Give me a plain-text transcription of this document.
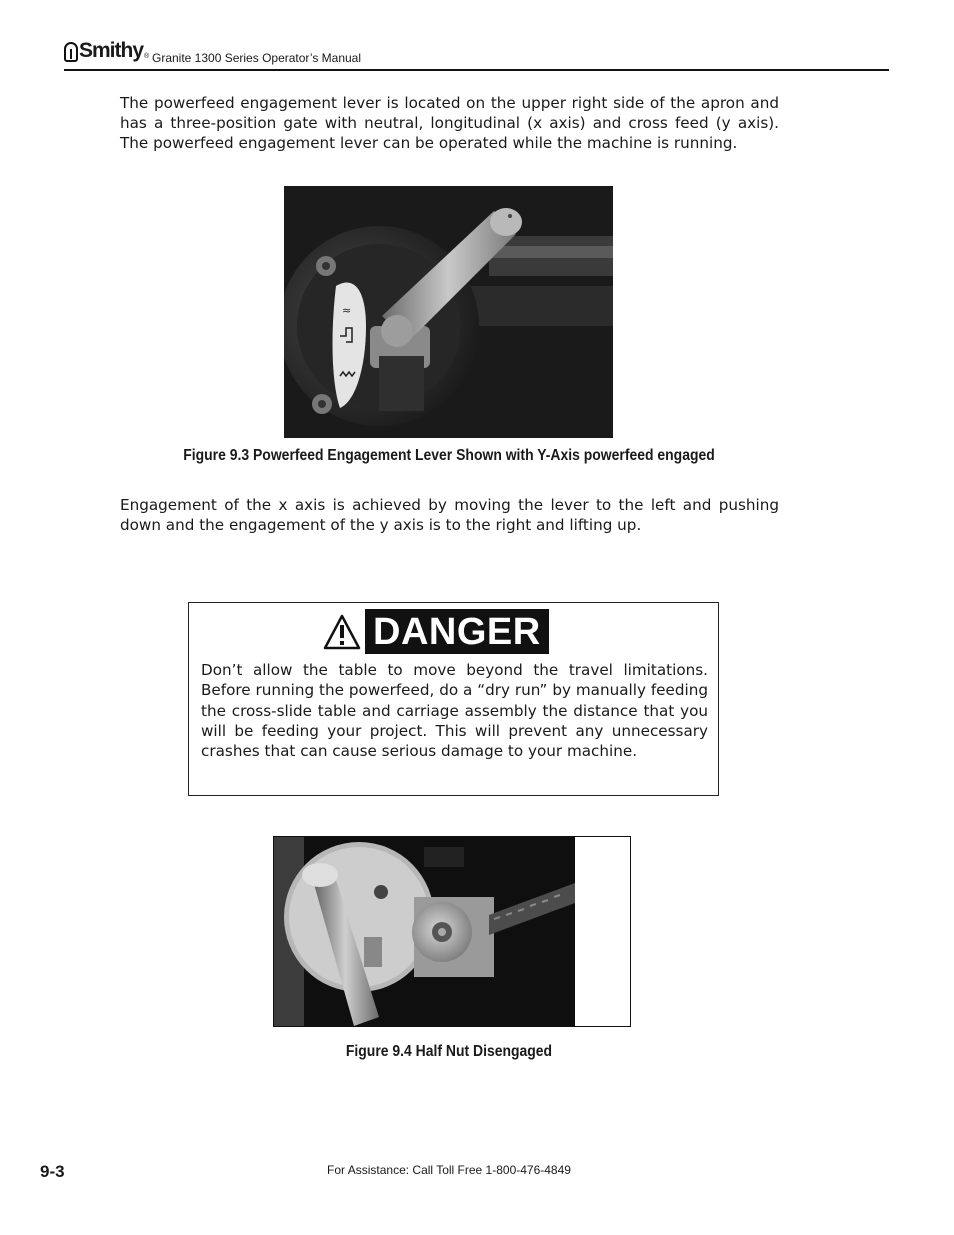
Smithy ® Granite 1300 Series Operator’s Manual

The powerfeed engagement lever is located on the upper right side of the apron and has a three-position gate with neutral, longitudinal (x axis) and cross feed (y axis). The powerfeed engagement lever can be operated while the machine is running.

≈
Figure 9.3 Powerfeed Engagement Lever Shown with Y-Axis powerfeed engaged

Engagement of the x axis is achieved by moving the lever to the left and pushing down and the engagement of the y axis is to the right and lifting up.

DANGER

Don’t allow the table to move beyond the travel limitations. Before running the powerfeed, do a “dry run” by manually feeding the cross-slide table and carriage assembly the distance that you will be feeding your project. This will prevent any unnecessary crashes that can cause serious damage to your machine.

Figure 9.4 Half Nut Disengaged
9-3	For Assistance: Call Toll Free 1-800-476-4849
